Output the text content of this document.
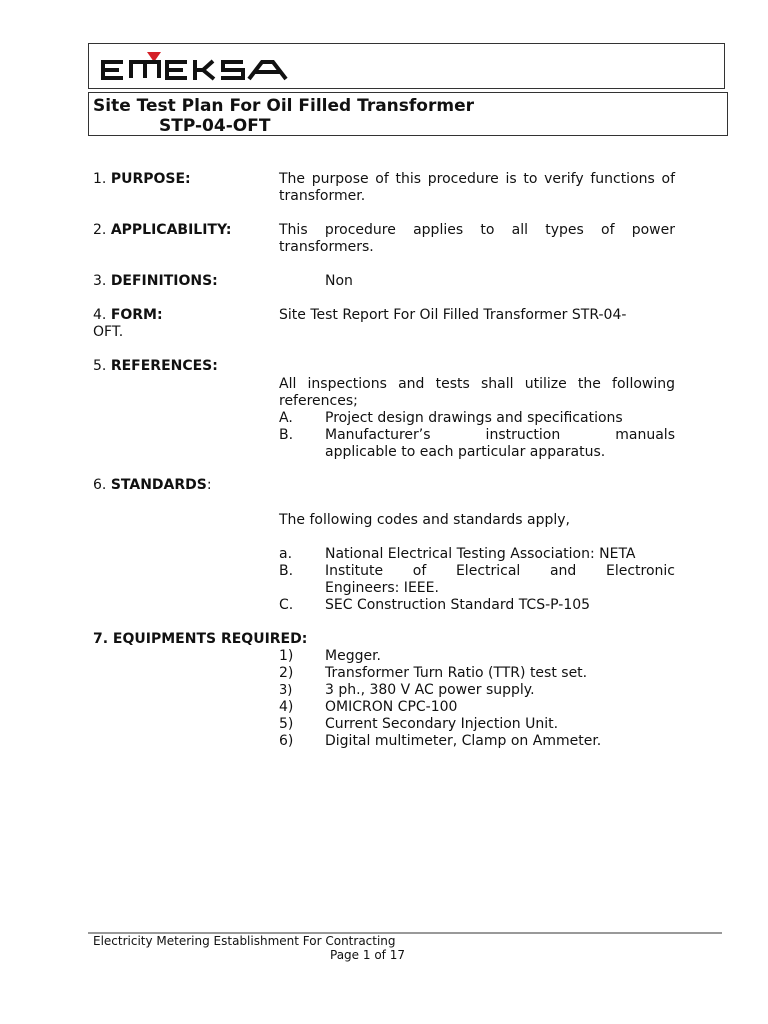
Site Test Plan For Oil Filled Transformer
STP-04-OFT
1. PURPOSE:	The purpose of this procedure is to verify functions of transformer.
2. APPLICABILITY:	This procedure applies to all types of power transformers.
3. DEFINITIONS:	Non
4. FORM:	Site Test Report For Oil Filled Transformer STR-04-
OFT.
5. REFERENCES:
All inspections and tests shall utilize the following references;
A. Project design drawings and specifications
B. Manufacturer’s instruction manuals
applicable to each particular apparatus.
6. STANDARDS:
The following codes and standards apply,
a. National Electrical Testing Association: NETA
B. Institute of Electrical and Electronic
Engineers: IEEE.
C. SEC Construction Standard TCS-P-105
7. EQUIPMENTS REQUIRED:
1) Megger.
2) Transformer Turn Ratio (TTR) test set.
3) 3 ph., 380 V AC power supply.
4) OMICRON CPC-100
5) Current Secondary Injection Unit.
6) Digital multimeter, Clamp on Ammeter.
Electricity Metering Establishment For Contracting
Page 1 of 17
